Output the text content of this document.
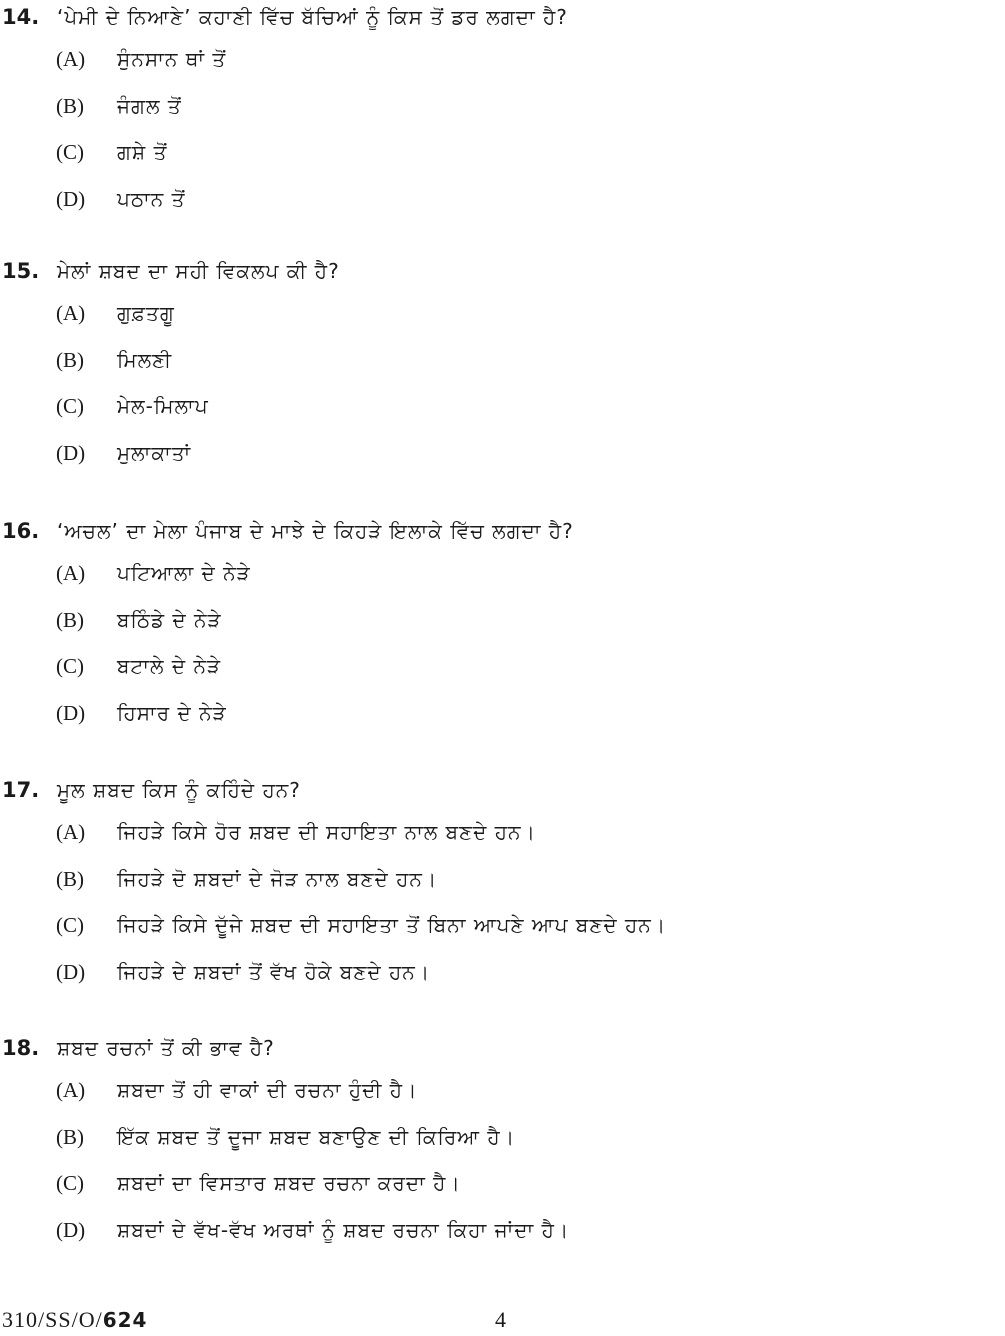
14. ‘ਪੇਮੀ ਦੇ ਨਿਆਣੇ’ ਕਹਾਣੀ ਵਿੱਚ ਬੱਚਿਆਂ ਨੂੰ ਕਿਸ ਤੋਂ ਡਰ ਲਗਦਾ ਹੈ?
(A) ਸੁੰਨਸਾਨ ਥਾਂ ਤੋਂ
(B) ਜੰਗਲ ਤੋਂ
(C) ਗਸ਼ੇ ਤੋਂ
(D) ਪਠਾਨ ਤੋਂ
15. ਮੇਲਾਂ ਸ਼ਬਦ ਦਾ ਸਹੀ ਵਿਕਲਪ ਕੀ ਹੈ?
(A) ਗੁਫ਼ਤਗੂ
(B) ਮਿਲਣੀ
(C) ਮੇਲ-ਮਿਲਾਪ
(D) ਮੁਲਾਕਾਤਾਂ
16. ‘ਅਚਲ’ ਦਾ ਮੇਲਾ ਪੰਜਾਬ ਦੇ ਮਾਝੇ ਦੇ ਕਿਹੜੇ ਇਲਾਕੇ ਵਿੱਚ ਲਗਦਾ ਹੈ?
(A) ਪਟਿਆਲਾ ਦੇ ਨੇੜੇ
(B) ਬਠਿੰਡੇ ਦੇ ਨੇੜੇ
(C) ਬਟਾਲੇ ਦੇ ਨੇੜੇ
(D) ਹਿਸਾਰ ਦੇ ਨੇੜੇ
17. ਮੂਲ ਸ਼ਬਦ ਕਿਸ ਨੂੰ ਕਹਿੰਦੇ ਹਨ?
(A) ਜਿਹੜੇ ਕਿਸੇ ਹੋਰ ਸ਼ਬਦ ਦੀ ਸਹਾਇਤਾ ਨਾਲ ਬਣਦੇ ਹਨ।
(B) ਜਿਹੜੇ ਦੋ ਸ਼ਬਦਾਂ ਦੇ ਜੋੜ ਨਾਲ ਬਣਦੇ ਹਨ।
(C) ਜਿਹੜੇ ਕਿਸੇ ਦੂੱਜੇ ਸ਼ਬਦ ਦੀ ਸਹਾਇਤਾ ਤੋਂ ਬਿਨਾ ਆਪਣੇ ਆਪ ਬਣਦੇ ਹਨ।
(D) ਜਿਹੜੇ ਦੇ ਸ਼ਬਦਾਂ ਤੋਂ ਵੱਖ ਹੋਕੇ ਬਣਦੇ ਹਨ।
18. ਸ਼ਬਦ ਰਚਨਾਂ ਤੋਂ ਕੀ ਭਾਵ ਹੈ?
(A) ਸ਼ਬਦਾ ਤੋਂ ਹੀ ਵਾਕਾਂ ਦੀ ਰਚਨਾ ਹੁੰਦੀ ਹੈ।
(B) ਇੱਕ ਸ਼ਬਦ ਤੋਂ ਦੂਜਾ ਸ਼ਬਦ ਬਣਾਉਣ ਦੀ ਕਿਰਿਆ ਹੈ।
(C) ਸ਼ਬਦਾਂ ਦਾ ਵਿਸਤਾਰ ਸ਼ਬਦ ਰਚਨਾ ਕਰਦਾ ਹੈ।
(D) ਸ਼ਬਦਾਂ ਦੇ ਵੱਖ-ਵੱਖ ਅਰਥਾਂ ਨੂੰ ਸ਼ਬਦ ਰਚਨਾ ਕਿਹਾ ਜਾਂਦਾ ਹੈ।
310/SS/O/624	4
